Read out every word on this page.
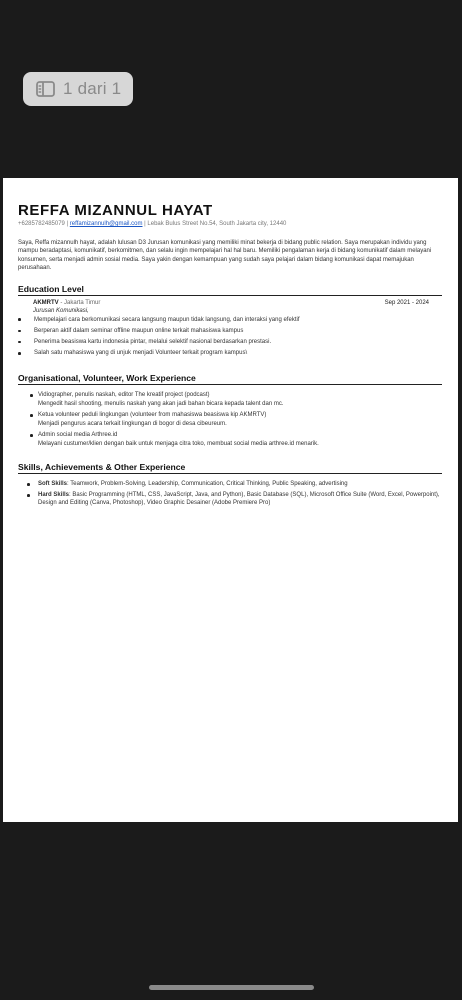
1 dari 1
REFFA MIZANNUL HAYAT
+6285782485079 | reffamizannulh@gmail.com | Lebak Bulus Street No.54, South Jakarta city, 12440

Saya, Reffa mizannulh hayat, adalah lulusan D3 Jurusan komunikasi yang memiliki minat bekerja di bidang public relation. Saya merupakan individu yang mampu beradaptasi, komunikatif, berkomitmen, dan selalu ingin mempelajari hal hal baru. Memiliki pengalaman kerja di bidang komunikatif dalam melayani konsumen, serta menjadi admin sosial media. Saya yakin dengan kemampuan yang sudah saya pelajari dalam bidang komunikasi dapat memajukan perusahaan.

Education Level
AKMRTV - Jakarta Timur	Sep 2021 - 2024
Jurusan Komunikasi,
Mempelajari cara berkomunikasi secara langsung maupun tidak langsung, dan interaksi yang efektif
Berperan aktif dalam seminar offline maupun online terkait mahasiswa kampus
Penerima beasiswa kartu indonesia pintar, melalui selektif nasional berdasarkan prestasi.
Salah satu mahasiswa yang di unjuk menjadi Volunteer terkait program kampus\
Organisational, Volunteer, Work Experience
Vidiographer, penulis naskah, editor The kreatif project (podcast)
Mengedit hasil shooting, menulis naskah yang akan jadi bahan bicara kepada talent dan mc.
Ketua volunteer peduli lingkungan (volunteer from mahasiswa beasiswa kip AKMRTV)
Menjadi pengurus acara terkait lingkungan di bogor di desa cibeureum.
Admin social media Arthree.id
Melayani custumer/klien dengan baik untuk menjaga citra toko, membuat social media arthree.id menarik.
Skills, Achievements & Other Experience
Soft Skills: Teamwork, Problem-Solving, Leadership, Communication, Critical Thinking, Public Speaking, advertising
Hard Skills: Basic Programming (HTML, CSS, JavaScript, Java, and Python), Basic Database (SQL), Microsoft Office Suite (Word, Excel, Powerpoint), Design and Editing (Canva, Photoshop), Video Graphic Desainer (Adobe Premiere Pro)
